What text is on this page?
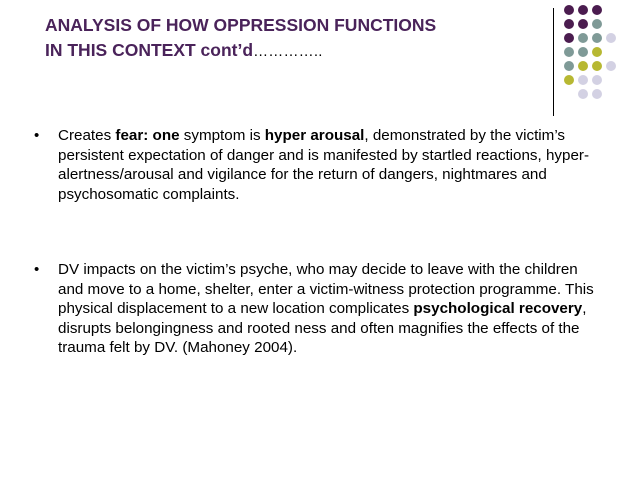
ANALYSIS OF HOW OPPRESSION FUNCTIONS
IN THIS CONTEXT cont’d…………..
• Creates fear: one symptom is hyper arousal, demonstrated by the victim’s persistent expectation of danger and is manifested by startled reactions, hyper- alertness/arousal and vigilance for the return of dangers, nightmares and psychosomatic complaints.
• DV impacts on the victim’s psyche, who may decide to leave with the children and move to a home, shelter, enter a victim-witness protection programme. This physical displacement to a new location complicates psychological recovery, disrupts belongingness and rooted ness and often magnifies the effects of the trauma felt by DV. (Mahoney 2004).
